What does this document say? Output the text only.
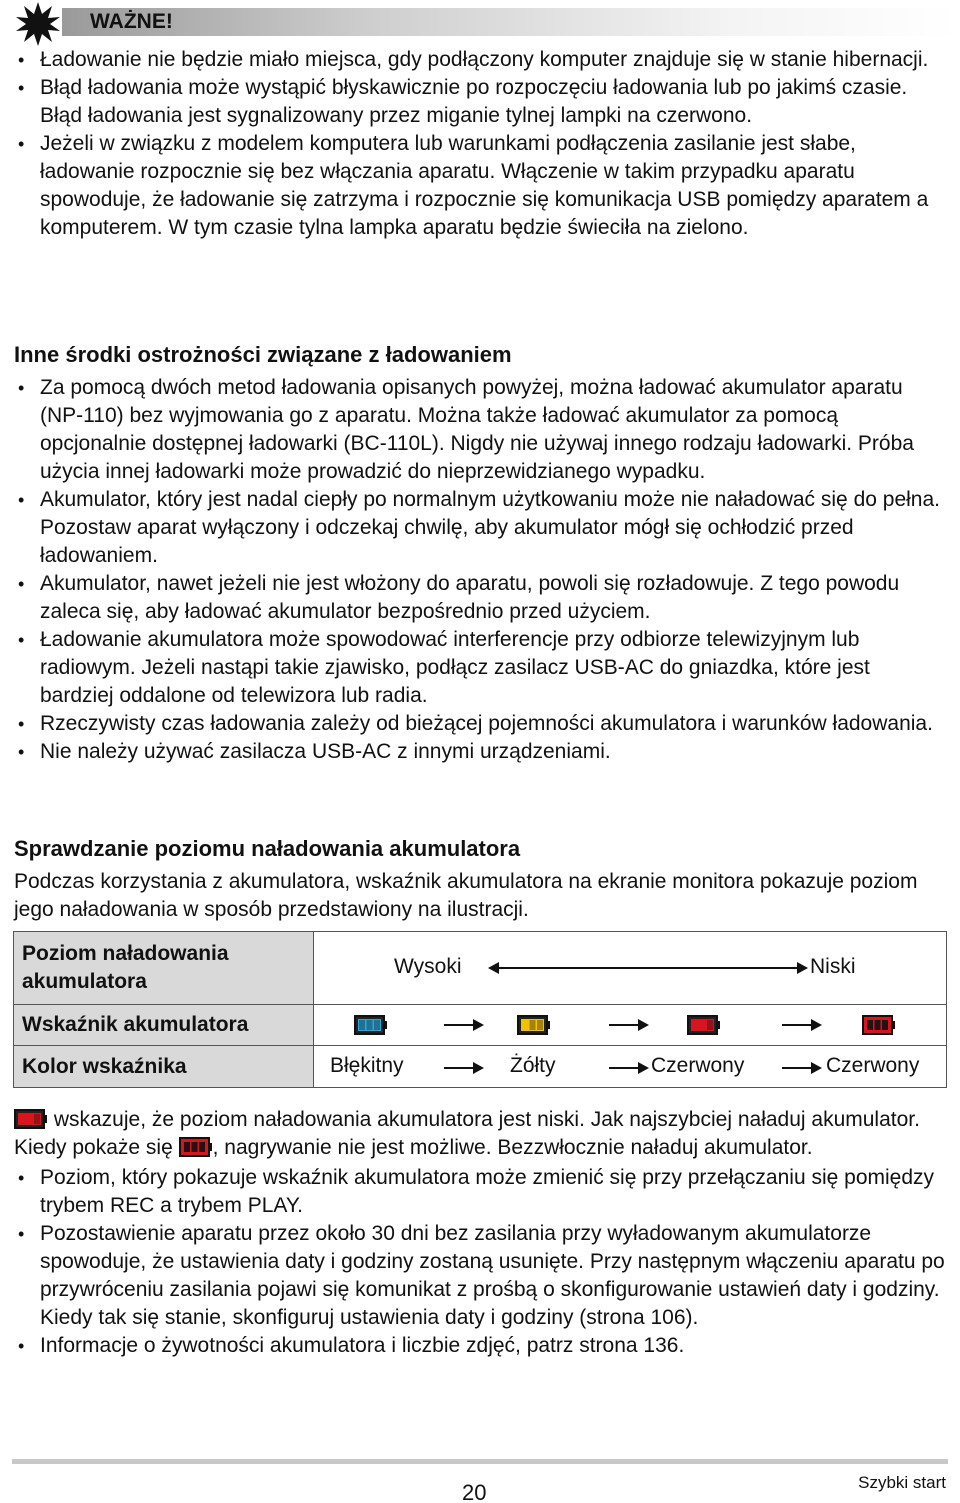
WAŻNE!
• Ładowanie nie będzie miało miejsca, gdy podłączony komputer znajduje się w stanie hibernacji.
• Błąd ładowania może wystąpić błyskawicznie po rozpoczęciu ładowania lub po jakimś czasie. Błąd ładowania jest sygnalizowany przez miganie tylnej lampki na czerwono.
• Jeżeli w związku z modelem komputera lub warunkami podłączenia zasilanie jest słabe, ładowanie rozpocznie się bez włączania aparatu. Włączenie w takim przypadku aparatu spowoduje, że ładowanie się zatrzyma i rozpocznie się komunikacja USB pomiędzy aparatem a komputerem. W tym czasie tylna lampka aparatu będzie świeciła na zielono.
Inne środki ostrożności związane z ładowaniem
• Za pomocą dwóch metod ładowania opisanych powyżej, można ładować akumulator aparatu (NP-110) bez wyjmowania go z aparatu. Można także ładować akumulator za pomocą opcjonalnie dostępnej ładowarki (BC-110L). Nigdy nie używaj innego rodzaju ładowarki. Próba użycia innej ładowarki może prowadzić do nieprzewidzianego wypadku.
• Akumulator, który jest nadal ciepły po normalnym użytkowaniu może nie naładować się do pełna. Pozostaw aparat wyłączony i odczekaj chwilę, aby akumulator mógł się ochłodzić przed ładowaniem.
• Akumulator, nawet jeżeli nie jest włożony do aparatu, powoli się rozładowuje. Z tego powodu zaleca się, aby ładować akumulator bezpośrednio przed użyciem.
• Ładowanie akumulatora może spowodować interferencje przy odbiorze telewizyjnym lub radiowym. Jeżeli nastąpi takie zjawisko, podłącz zasilacz USB-AC do gniazdka, które jest bardziej oddalone od telewizora lub radia.
• Rzeczywisty czas ładowania zależy od bieżącej pojemności akumulatora i warunków ładowania.
• Nie należy używać zasilacza USB-AC z innymi urządzeniami.
Sprawdzanie poziomu naładowania akumulatora

Podczas korzystania z akumulatora, wskaźnik akumulatora na ekranie monitora pokazuje poziom jego naładowania w sposób przedstawiony na ilustracji.

Poziom naładowania akumulatora	Wysoki Niski

Wskaźnik akumulatora	

Kolor wskaźnika	Błękitny Żółty Czerwony Czerwony

wskazuje, że poziom naładowania akumulatora jest niski. Jak najszybciej naładuj akumulator.

Kiedy pokaże się , nagrywanie nie jest możliwe. Bezzwłocznie naładuj akumulator.

• Poziom, który pokazuje wskaźnik akumulatora może zmienić się przy przełączaniu się pomiędzy trybem REC a trybem PLAY.
• Pozostawienie aparatu przez około 30 dni bez zasilania przy wyładowanym akumulatorze spowoduje, że ustawienia daty i godziny zostaną usunięte. Przy następnym włączeniu aparatu po przywróceniu zasilania pojawi się komunikat z prośbą o skonfigurowanie ustawień daty i godziny. Kiedy tak się stanie, skonfiguruj ustawienia daty i godziny (strona 106).
• Informacje o żywotności akumulatora i liczbie zdjęć, patrz strona 136.
20	Szybki start
